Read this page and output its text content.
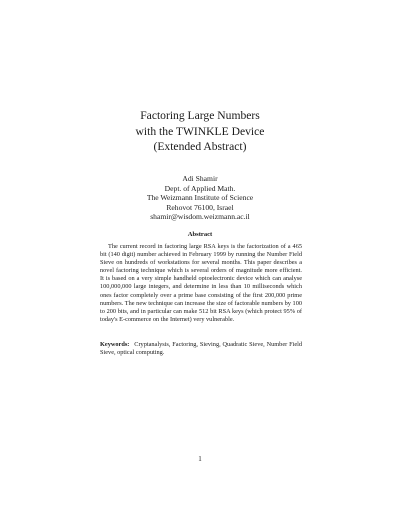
Factoring Large Numbers
with the TWINKLE Device
(Extended Abstract)
Adi Shamir
Dept. of Applied Math.
The Weizmann Institute of Science
Rehovot 76100, Israel
shamir@wisdom.weizmann.ac.il
Abstract

The current record in factoring large RSA keys is the factorization of a 465 bit (140 digit) number achieved in February 1999 by running the Number Field Sieve on hundreds of workstations for several months. This paper describes a novel factoring technique which is several orders of magnitude more efficient. It is based on a very simple handheld optoelectronic device which can analyse 100,000,000 large integers, and determine in less than 10 milliseconds which ones factor completely over a prime base consisting of the first 200,000 prime numbers. The new technique can increase the size of factorable numbers by 100 to 200 bits, and in particular can make 512 bit RSA keys (which protect 95% of today's E-commerce on the Internet) very vulnerable.

Keywords: Cryptanalysis, Factoring, Sieving, Quadratic Sieve, Number Field Sieve, optical computing.

1
